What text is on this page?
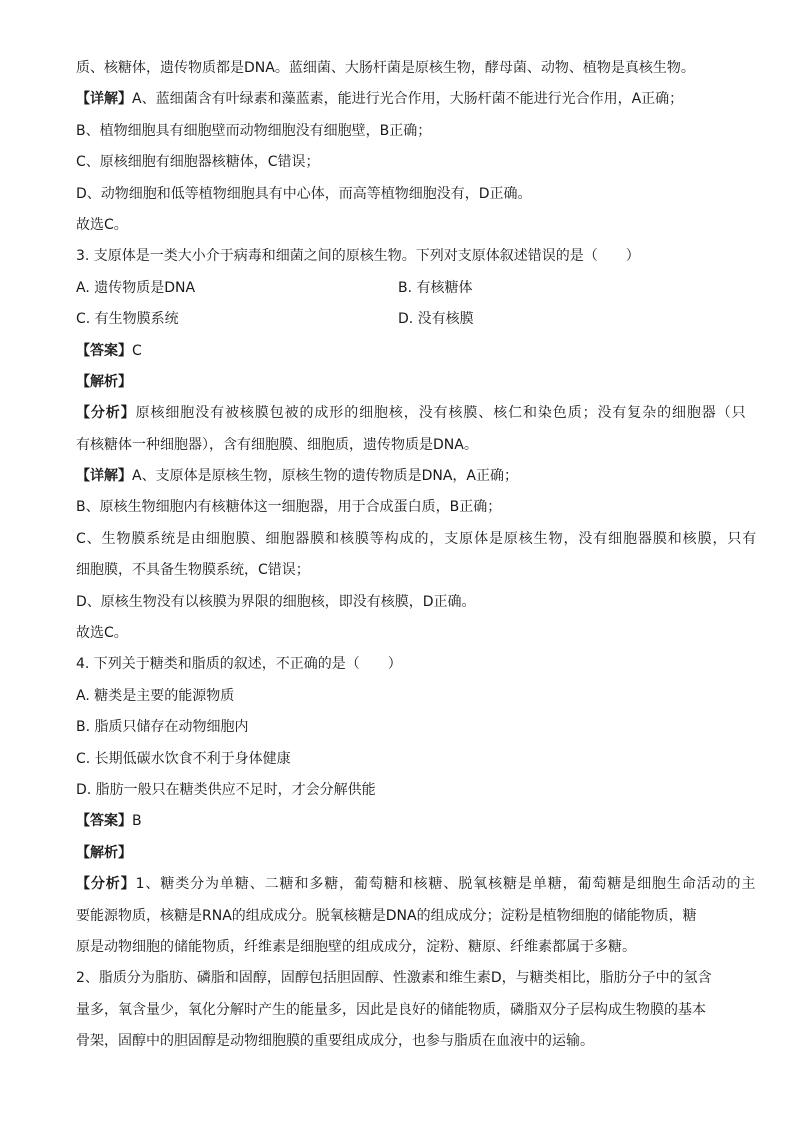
质、核糖体，遗传物质都是DNA。蓝细菌、大肠杆菌是原核生物，酵母菌、动物、植物是真核生物。
【详解】A、蓝细菌含有叶绿素和藻蓝素，能进行光合作用，大肠杆菌不能进行光合作用，A正确；
B、植物细胞具有细胞壁而动物细胞没有细胞壁，B正确；
C、原核细胞有细胞器核糖体，C错误；
D、动物细胞和低等植物细胞具有中心体，而高等植物细胞没有，D正确。
故选C。
3. 支原体是一类大小介于病毒和细菌之间的原核生物。下列对支原体叙述错误的是（　　）
A. 遗传物质是DNA	B. 有核糖体
C. 有生物膜系统	D. 没有核膜
【答案】C
【解析】
【分析】原核细胞没有被核膜包被的成形的细胞核，没有核膜、核仁和染色质；没有复杂的细胞器（只
有核糖体一种细胞器），含有细胞膜、细胞质，遗传物质是DNA。
【详解】A、支原体是原核生物，原核生物的遗传物质是DNA，A正确；
B、原核生物细胞内有核糖体这一细胞器，用于合成蛋白质，B正确；
C、生物膜系统是由细胞膜、细胞器膜和核膜等构成的，支原体是原核生物，没有细胞器膜和核膜，只有
细胞膜，不具备生物膜系统，C错误；
D、原核生物没有以核膜为界限的细胞核，即没有核膜，D正确。
故选C。
4. 下列关于糖类和脂质的叙述，不正确的是（　　）
A. 糖类是主要的能源物质
B. 脂质只储存在动物细胞内
C. 长期低碳水饮食不利于身体健康
D. 脂肪一般只在糖类供应不足时，才会分解供能
【答案】B
【解析】
【分析】1、糖类分为单糖、二糖和多糖，葡萄糖和核糖、脱氧核糖是单糖，葡萄糖是细胞生命活动的主
要能源物质，核糖是RNA的组成成分。脱氧核糖是DNA的组成成分；淀粉是植物细胞的储能物质，糖
原是动物细胞的储能物质，纤维素是细胞壁的组成成分，淀粉、糖原、纤维素都属于多糖。
2、脂质分为脂肪、磷脂和固醇，固醇包括胆固醇、性激素和维生素D，与糖类相比，脂肪分子中的氢含
量多，氧含量少，氧化分解时产生的能量多，因此是良好的储能物质，磷脂双分子层构成生物膜的基本
骨架，固醇中的胆固醇是动物细胞膜的重要组成成分，也参与脂质在血液中的运输。
